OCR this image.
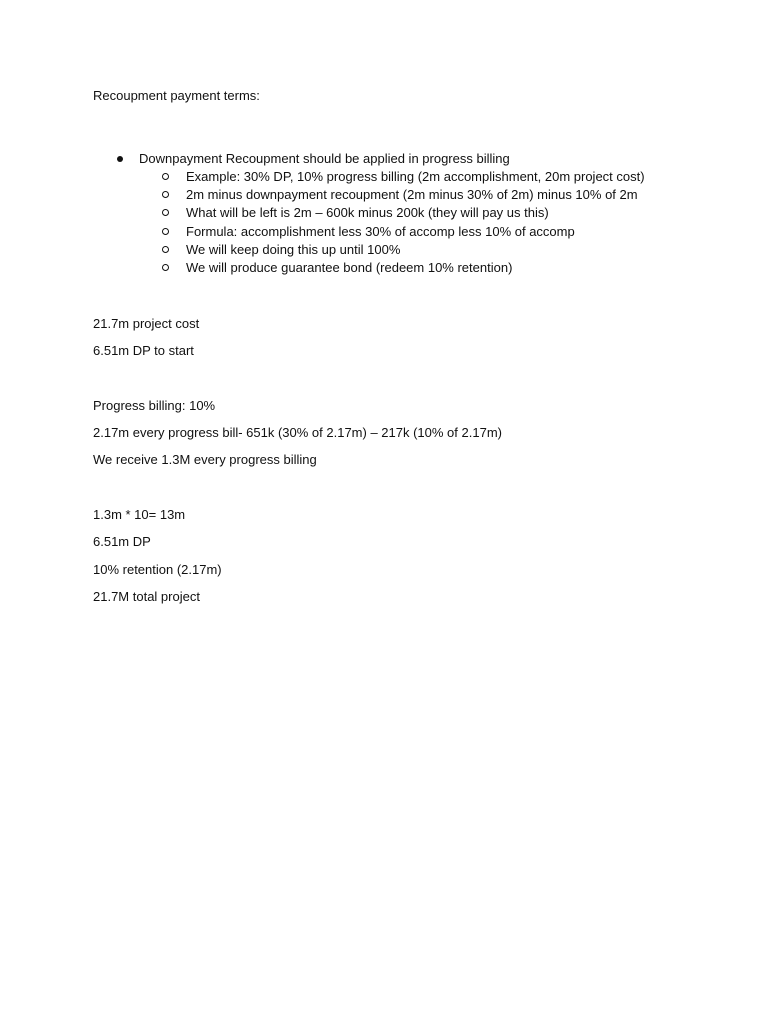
Recoupment payment terms:
Downpayment Recoupment should be applied in progress billing
Example: 30% DP, 10% progress billing (2m accomplishment, 20m project cost)
2m minus downpayment recoupment (2m minus 30% of 2m) minus 10% of 2m
What will be left is 2m – 600k minus 200k (they will pay us this)
Formula: accomplishment less 30% of accomp less 10% of accomp
We will keep doing this up until 100%
We will produce guarantee bond (redeem 10% retention)
21.7m project cost
6.51m DP to start
Progress billing: 10%
2.17m every progress bill- 651k (30% of 2.17m) – 217k (10% of 2.17m)
We receive 1.3M every progress billing
1.3m * 10= 13m
6.51m DP
10% retention (2.17m)
21.7M total project
